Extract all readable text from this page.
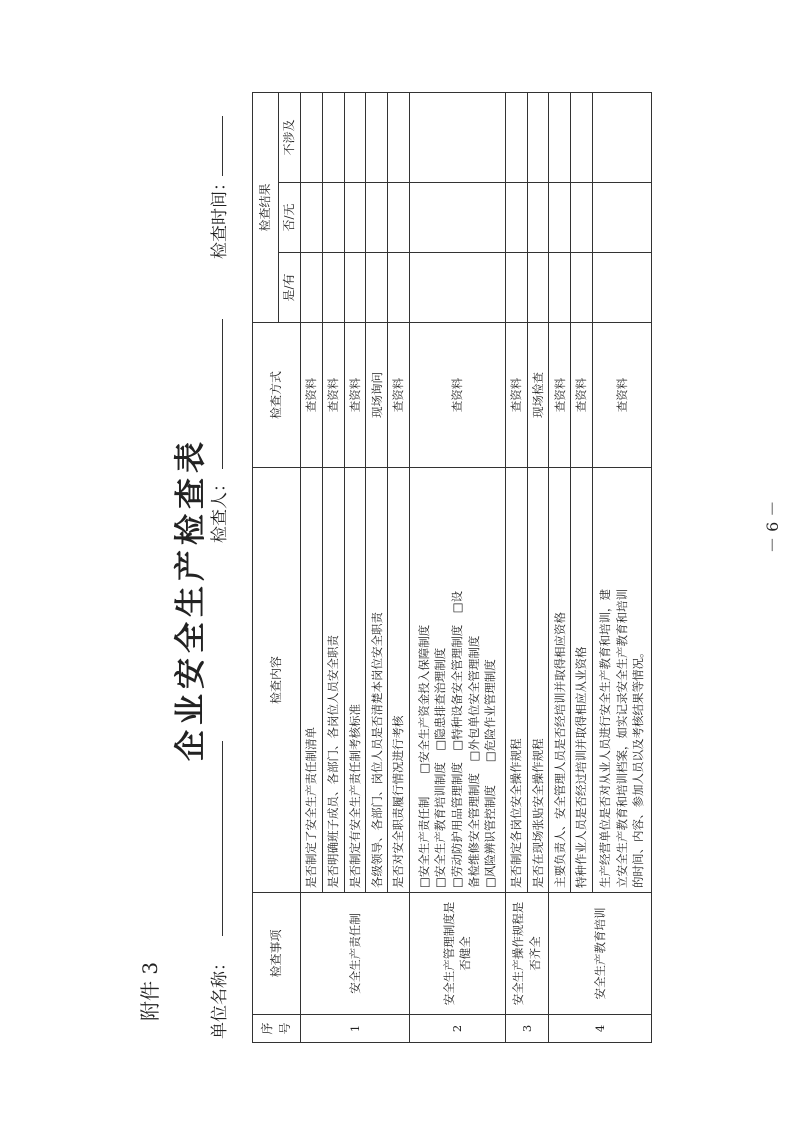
附件 3
企业安全生产检查表
单位名称：
检查人：
检查时间：
序号	检查事项	检查内容	检查方式	检查结果		
				是/有	否/无	不涉及
1	安全生产责任制	是否制定了安全生产责任制清单	查资料			
		是否明确班子成员、各部门、各岗位人员安全职责	查资料			
		是否制定有安全生产责任制考核标准	查资料			
		各级领导、各部门、岗位人员是否清楚本岗位安全职责	现场询问			
		是否对安全职责履行情况进行考核	查资料			
2	安全生产管理制度是否健全	□安全生产责任制　　□安全生产资金投入保障制度 □安全生产教育培训制度　□隐患排查治理制度 □劳动防护用品管理制度　□特种设备安全管理制度　□设 备检维修安全管理制度　□外包单位安全管理制度 □风险辨识管控制度　　□危险作业管理制度	查资料			
3	安全生产操作规程是否齐全	是否制定各岗位安全操作规程	查资料			
		是否在现场张贴安全操作规程	现场检查			
4	安全生产教育培训	主要负责人、安全管理人员是否经培训并取得相应资格	查资料			
		特种作业人员是否经过培训并取得相应从业资格	查资料			

		生产经营单位是否对从业人员进行安全生产教育和培训，建 立安全生产教育和培训档案，如实记录安全生产教育和培训 的时间、内容、参加人员以及考核结果等情况。	查资料			
－ 6 －
